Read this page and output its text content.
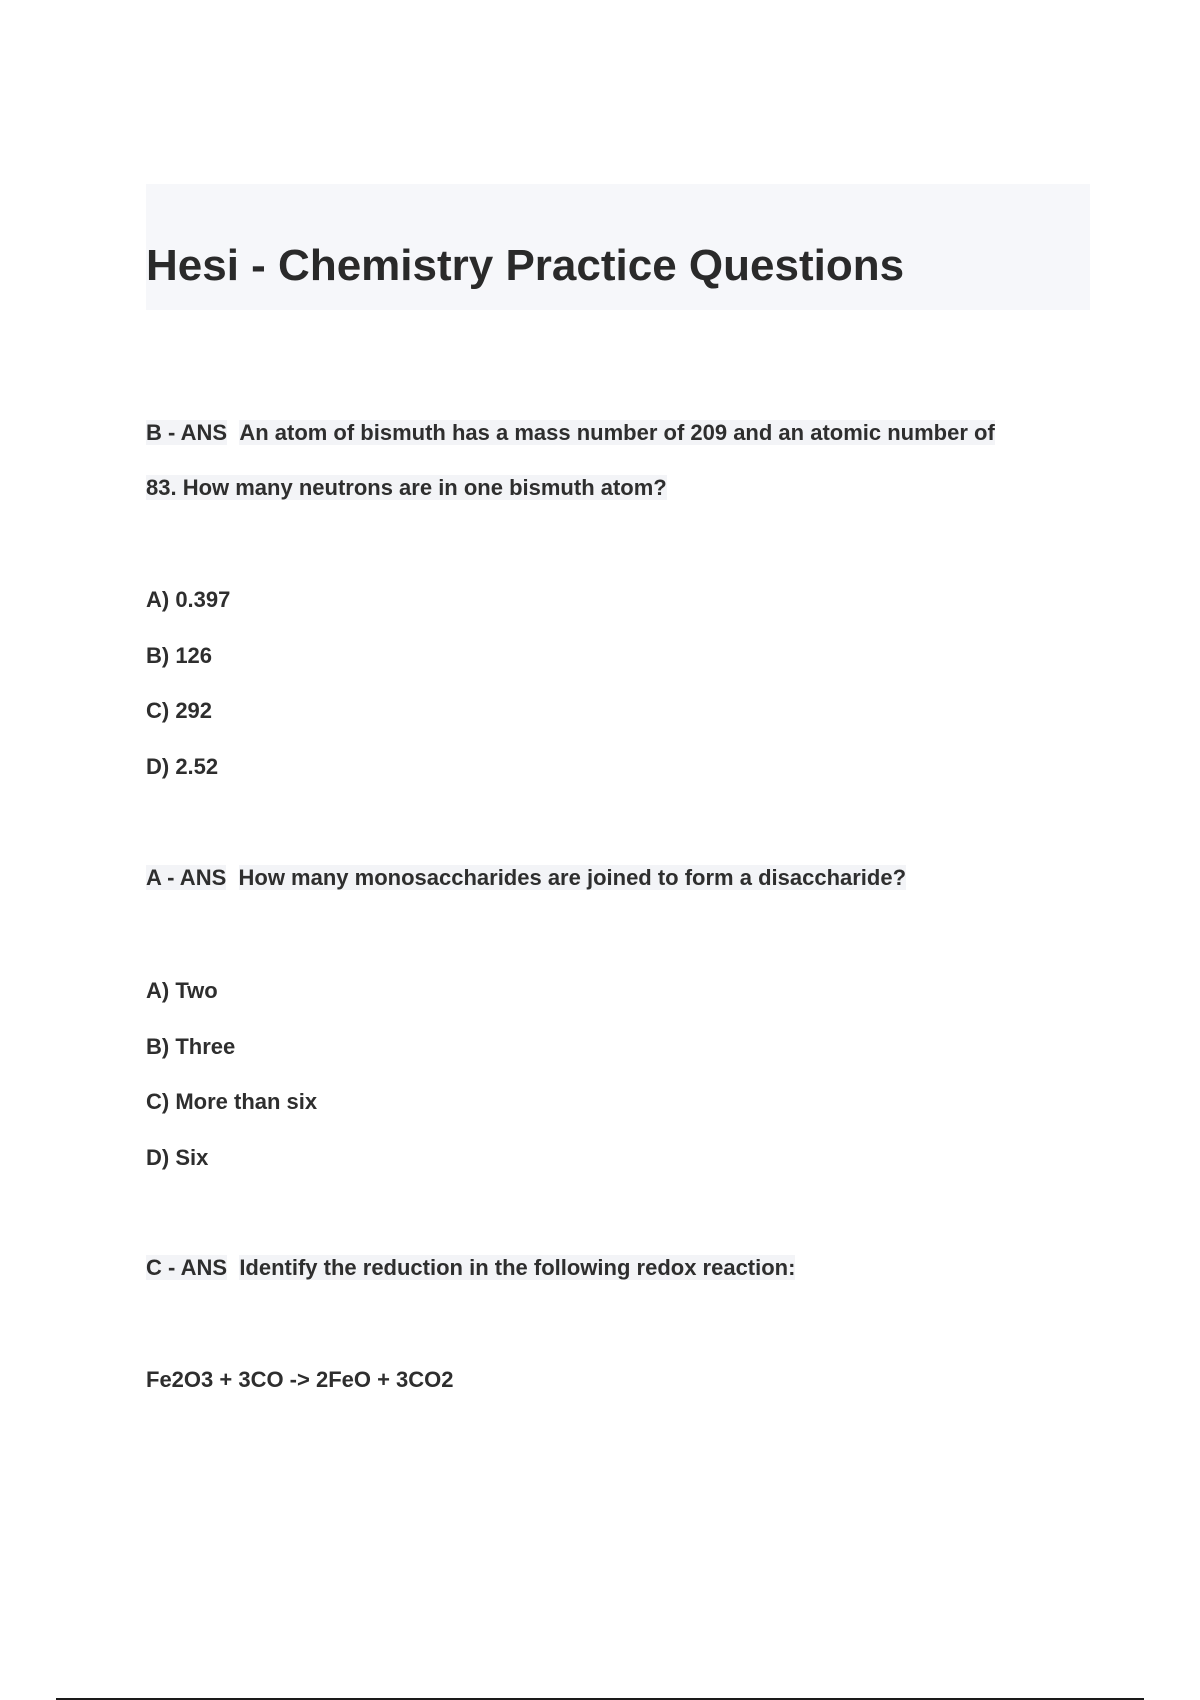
Hesi - Chemistry Practice Questions
B - ANS An atom of bismuth has a mass number of 209 and an atomic number of
83. How many neutrons are in one bismuth atom?
A) 0.397
B) 126
C) 292
D) 2.52
A - ANS How many monosaccharides are joined to form a disaccharide?
A) Two
B) Three
C) More than six
D) Six
C - ANS Identify the reduction in the following redox reaction:
Fe2O3 + 3CO -> 2FeO + 3CO2
